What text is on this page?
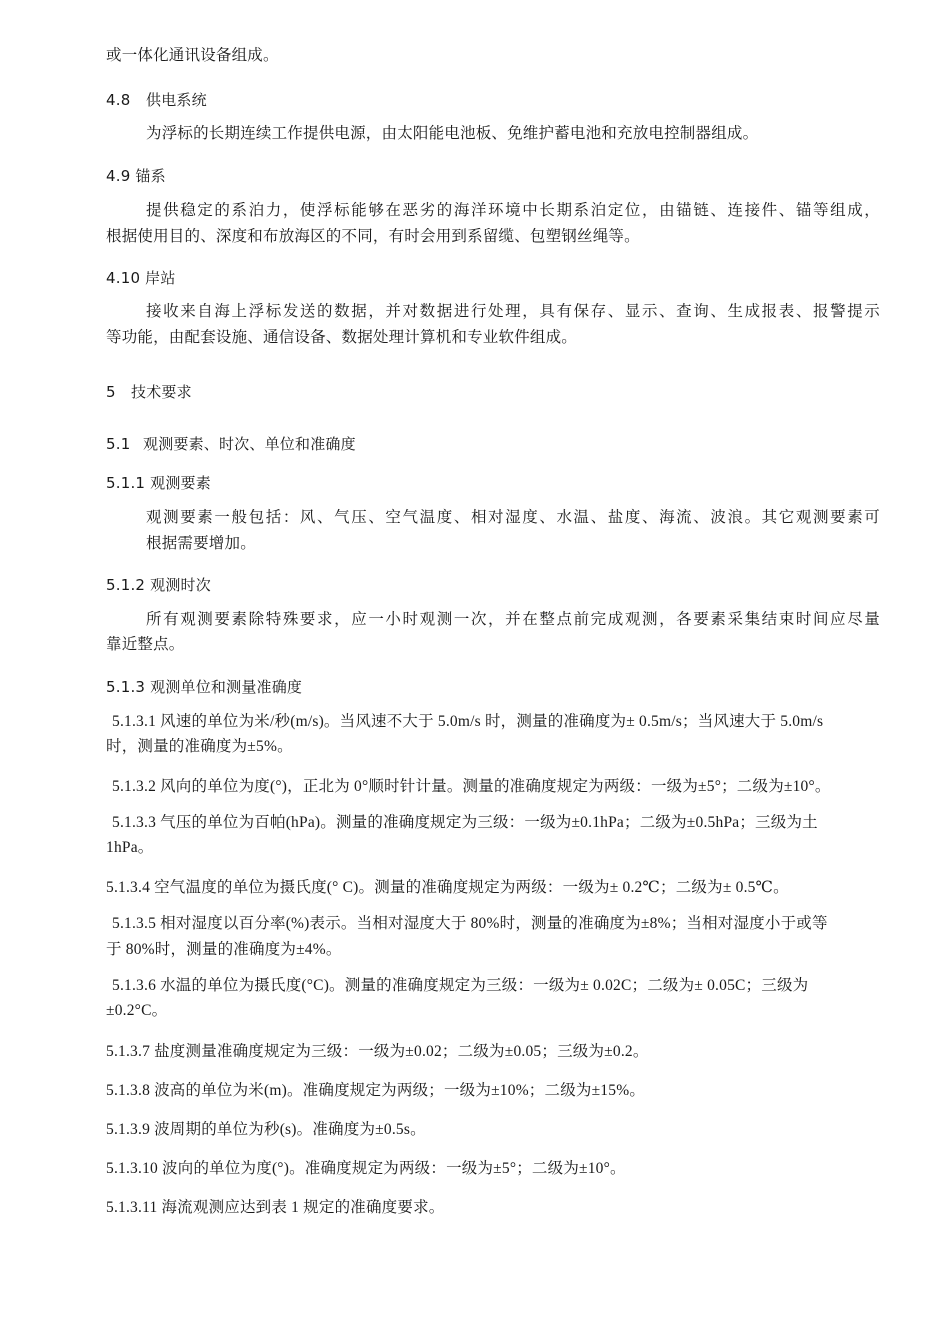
或一体化通讯设备组成。
4.8	供电系统
为浮标的长期连续工作提供电源，由太阳能电池板、免维护蓄电池和充放电控制器组成。
4.9 锚系
提供稳定的系泊力，使浮标能够在恶劣的海洋环境中长期系泊定位，由锚链、连接件、锚等组成，
根据使用目的、深度和布放海区的不同，有时会用到系留缆、包塑钢丝绳等。
4.10 岸站
接收来自海上浮标发送的数据，并对数据进行处理，具有保存、显示、查询、生成报表、报警提示
等功能，由配套设施、通信设备、数据处理计算机和专业软件组成。
5	技术要求
5.1 观测要素、时次、单位和准确度
5.1.1 观测要素
观测要素一般包括：风、气压、空气温度、相对湿度、水温、盐度、海流、波浪。其它观测要素可
根据需要增加。
5.1.2 观测时次
所有观测要素除特殊要求，应一小时观测一次，并在整点前完成观测，各要素采集结束时间应尽量
靠近整点。
5.1.3 观测单位和测量准确度
5.1.3.1 风速的单位为米/秒(m/s)。当风速不大于 5.0m/s 时，测量的准确度为± 0.5m/s；当风速大于 5.0m/s
时，测量的准确度为±5%。
5.1.3.2 风向的单位为度(°)，正北为 0°顺时针计量。测量的准确度规定为两级：一级为±5°；二级为±10°。
5.1.3.3 气压的单位为百帕(hPa)。测量的准确度规定为三级：一级为±0.1hPa；二级为±0.5hPa；三级为土
1hPa。
5.1.3.4 空气温度的单位为摄氏度(° C)。测量的准确度规定为两级：一级为± 0.2℃；二级为± 0.5℃。
5.1.3.5 相对湿度以百分率(%)表示。当相对湿度大于 80%时，测量的准确度为±8%；当相对湿度小于或等
于 80%时，测量的准确度为±4%。
5.1.3.6 水温的单位为摄氏度(°C)。测量的准确度规定为三级：一级为± 0.02C；二级为± 0.05C；三级为
±0.2°C。
5.1.3.7 盐度测量准确度规定为三级：一级为±0.02；二级为±0.05；三级为±0.2。
5.1.3.8 波高的单位为米(m)。准确度规定为两级；一级为±10%；二级为±15%。
5.1.3.9 波周期的单位为秒(s)。准确度为±0.5s。
5.1.3.10 波向的单位为度(°)。准确度规定为两级：一级为±5°；二级为±10°。
5.1.3.11 海流观测应达到表 1 规定的准确度要求。
